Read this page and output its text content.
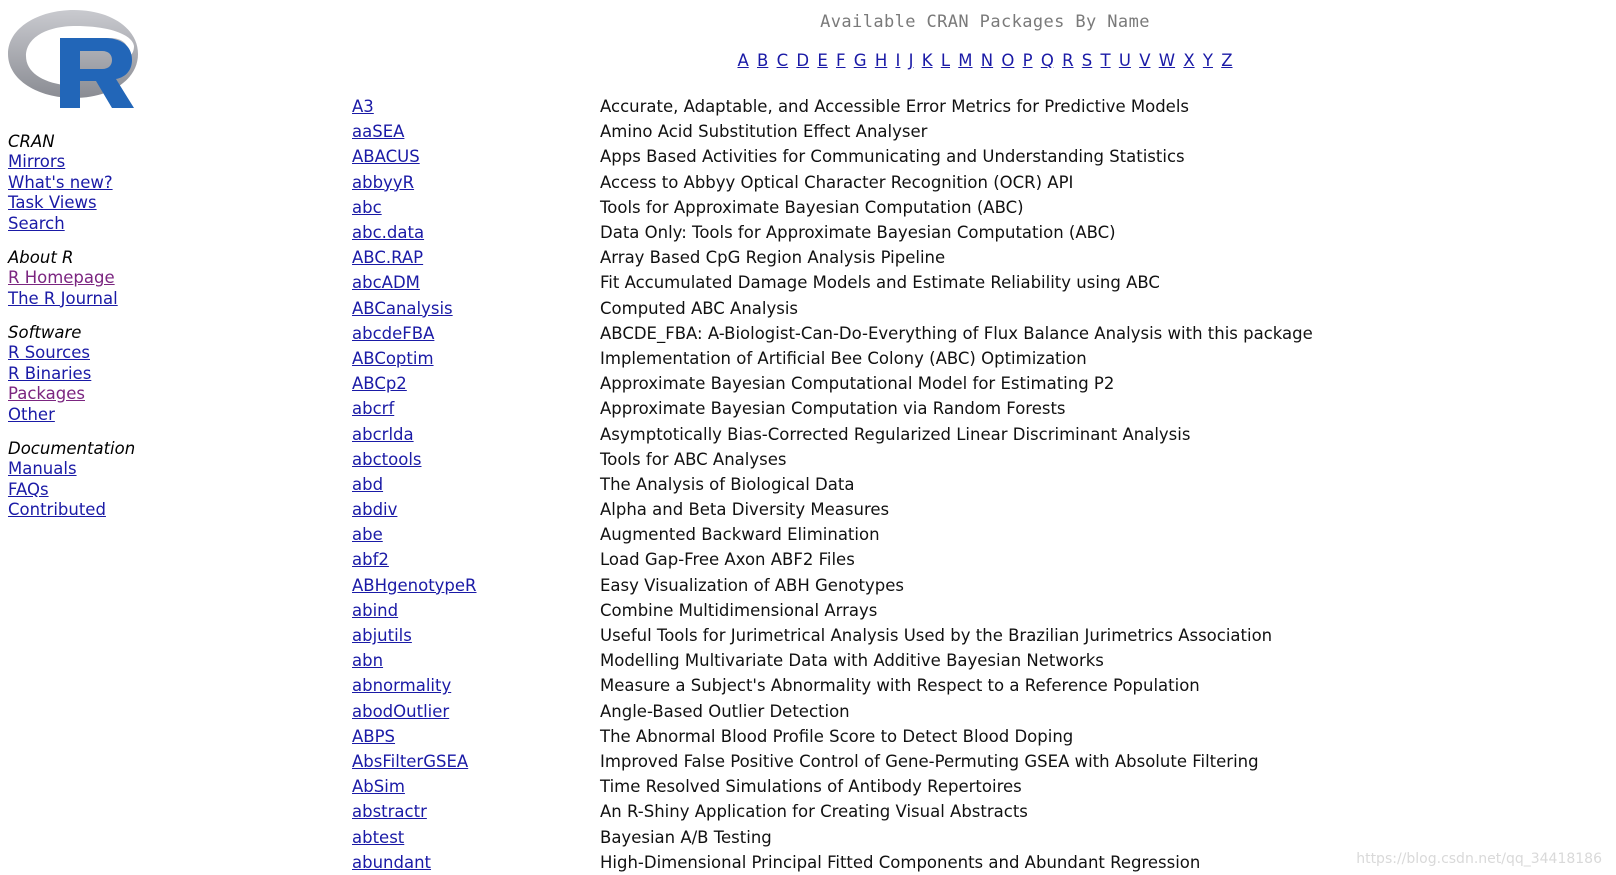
CRAN
Mirrors
What's new?
Task Views
Search
About R
R Homepage
The R Journal
Software
R Sources
R Binaries
Packages
Other
Documentation
Manuals
FAQs
Contributed
Available CRAN Packages By Name
A B C D E F G H I J K L M N O P Q R S T U V W X Y Z
A3	Accurate, Adaptable, and Accessible Error Metrics for Predictive Models
aaSEA	Amino Acid Substitution Effect Analyser
ABACUS	Apps Based Activities for Communicating and Understanding Statistics
abbyyR	Access to Abbyy Optical Character Recognition (OCR) API
abc	Tools for Approximate Bayesian Computation (ABC)
abc.data	Data Only: Tools for Approximate Bayesian Computation (ABC)
ABC.RAP	Array Based CpG Region Analysis Pipeline
abcADM	Fit Accumulated Damage Models and Estimate Reliability using ABC
ABCanalysis	Computed ABC Analysis
abcdeFBA	ABCDE_FBA: A-Biologist-Can-Do-Everything of Flux Balance Analysis with this package
ABCoptim	Implementation of Artificial Bee Colony (ABC) Optimization
ABCp2	Approximate Bayesian Computational Model for Estimating P2
abcrf	Approximate Bayesian Computation via Random Forests
abcrlda	Asymptotically Bias-Corrected Regularized Linear Discriminant Analysis
abctools	Tools for ABC Analyses
abd	The Analysis of Biological Data
abdiv	Alpha and Beta Diversity Measures
abe	Augmented Backward Elimination
abf2	Load Gap-Free Axon ABF2 Files
ABHgenotypeR	Easy Visualization of ABH Genotypes
abind	Combine Multidimensional Arrays
abjutils	Useful Tools for Jurimetrical Analysis Used by the Brazilian Jurimetrics Association
abn	Modelling Multivariate Data with Additive Bayesian Networks
abnormality	Measure a Subject's Abnormality with Respect to a Reference Population
abodOutlier	Angle-Based Outlier Detection
ABPS	The Abnormal Blood Profile Score to Detect Blood Doping
AbsFilterGSEA	Improved False Positive Control of Gene-Permuting GSEA with Absolute Filtering
AbSim	Time Resolved Simulations of Antibody Repertoires
abstractr	An R-Shiny Application for Creating Visual Abstracts
abtest	Bayesian A/B Testing
abundant	High-Dimensional Principal Fitted Components and Abundant Regression	https://blog.csdn.net/qq_34418186
